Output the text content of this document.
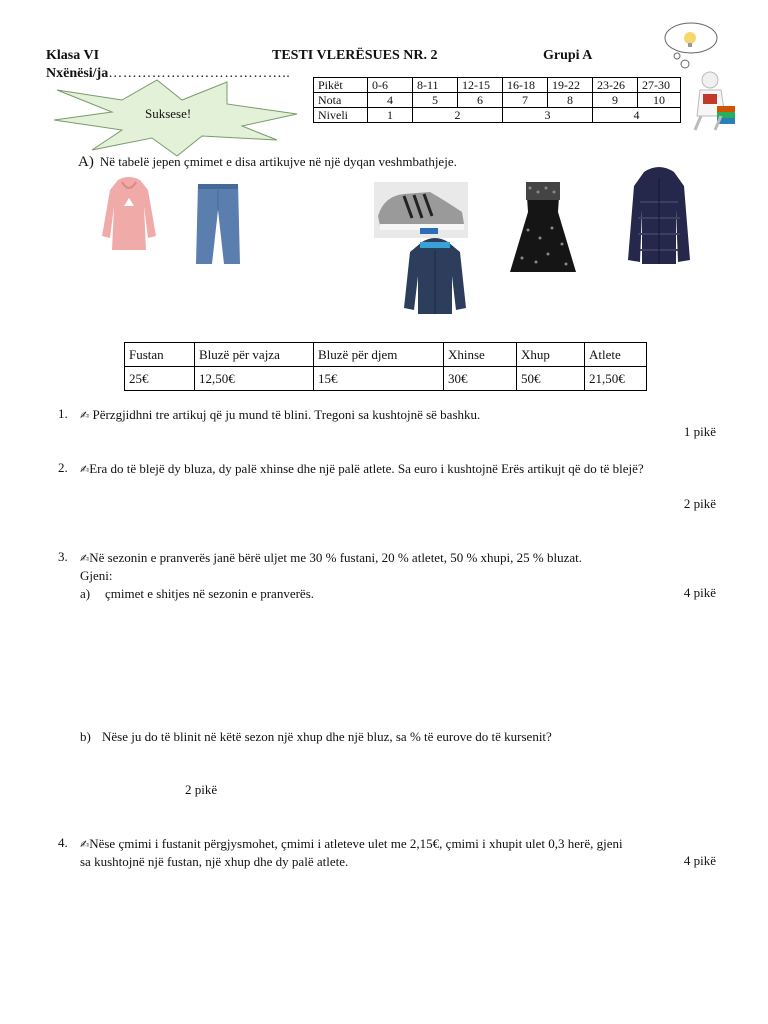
Klasa VI	TESTI VLERËSUES NR. 2	Grupi A
Nxënësi/ja………………………………..
Suksese!
Pikët	0-6	8-11	12-15	16-18	19-22	23-26	27-30
Nota	4	5	6	7	8	9	10
Niveli	1	2		3		4	
A) Në tabelë jepen çmimet e disa artikujve në një dyqan veshmbathjeje.
Fustan	Bluzë për vajza	Bluzë për djem	Xhinse	Xhup	Atlete
25€	12,50€	15€	30€	50€	21,50€
1. ✍ Përzgjidhni tre artikuj që ju mund të blini. Tregoni sa kushtojnë së bashku.
1 pikë
2. ✍Era do të blejë dy bluza, dy palë xhinse dhe një palë atlete. Sa euro i kushtojnë Erës artikujt që do të blejë?
2 pikë
3. ✍Në sezonin e pranverës janë bërë uljet me 30 % fustani, 20 % atletet, 50 % xhupi, 25 % bluzat.
Gjeni:
a) çmimet e shitjes në sezonin e pranverës.	4 pikë
b) Nëse ju do të blinit në këtë sezon një xhup dhe një bluz, sa % të eurove do të kursenit?
2 pikë
4. ✍Nëse çmimi i fustanit përgjysmohet, çmimi i atleteve ulet me 2,15€, çmimi i xhupit ulet 0,3 herë, gjeni
sa kushtojnë një fustan, një xhup dhe dy palë atlete.	4 pikë
